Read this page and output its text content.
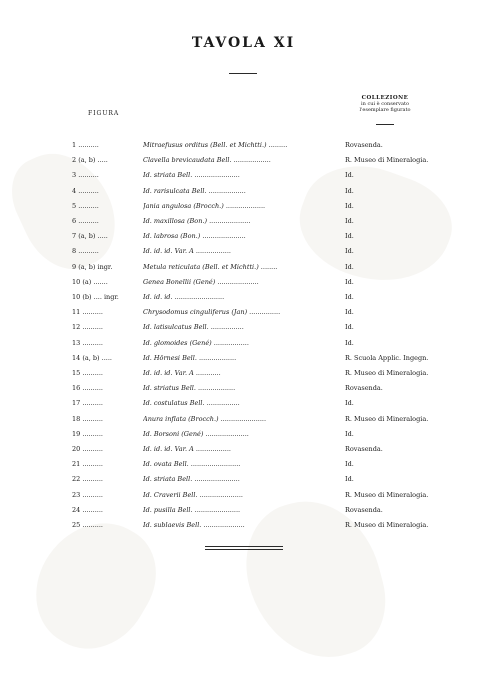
TAVOLA XI
FIGURA
COLLEZIONE
in cui è conservato
l'esemplare figurato
1 ..........	Mitraefusus orditus (Bell. et Michtti.) .........	Rovasenda.
2 (a, b) .....	Clavella brevicaudata Bell. ..................	R. Museo di Mineralogia.
3 ..........	Id. striata Bell. ......................	Id.
4 ..........	Id. rarisulcata Bell. ..................	Id.
5 ..........	Jania angulosa (Brocch.) ...................	Id.
6 ..........	Id. maxillosa (Bon.) ....................	Id.
7 (a, b) .....	Id. labrosa (Bon.) .....................	Id.
8 ..........	Id. id. id. Var. A .................	Id.
9 (a, b) ingr.	Metula reticulata (Bell. et Michtti.) ........	Id.
10 (a) .......	Genea Bonellii (Gené) ....................	Id.
10 (b) .... ingr.	Id. id. id. ........................	Id.
11 ..........	Chrysodomus cinguliferus (Jan) ...............	Id.
12 ..........	Id. latisulcatus Bell. ................	Id.
13 ..........	Id. glomoides (Gené) .................	Id.
14 (a, b) .....	Id. Hörnesi Bell. ..................	R. Scuola Applic. Ingegn.
15 ..........	Id. id. id. Var. A ............	R. Museo di Mineralogia.
16 ..........	Id. striatus Bell. ..................	Rovasenda.
17 ..........	Id. costulatus Bell. ................	Id.
18 ..........	Anura inflata (Brocch.) ......................	R. Museo di Mineralogia.
19 ..........	Id. Borsoni (Gené) .....................	Id.
20 ..........	Id. id. id. Var. A .................	Rovasenda.
21 ..........	Id. ovata Bell. ........................	Id.
22 ..........	Id. striata Bell. ......................	Id.
23 ..........	Id. Craverii Bell. .....................	R. Museo di Mineralogia.
24 ..........	Id. pusilla Bell. ......................	Rovasenda.
25 ..........	Id. sublaevis Bell. ....................	R. Museo di Mineralogia.
